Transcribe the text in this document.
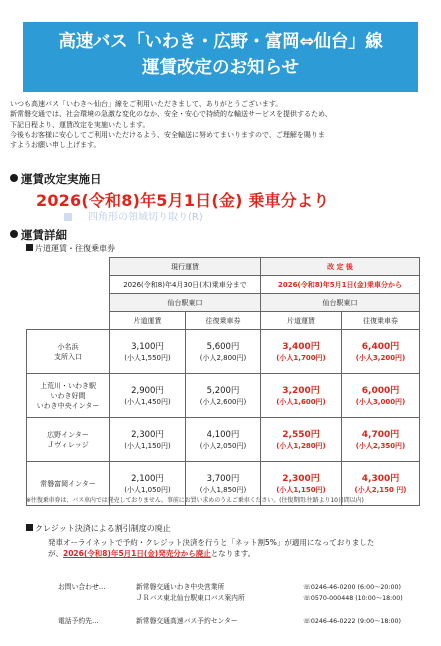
高速バス「いわき・広野・富岡⇔仙台」線
運賃改定のお知らせ

いつも高速バス「いわき～仙台」線をご利用いただきまして、ありがとうございます。

新常磐交通では、社会環境の急激な変化のなか、安全・安心で持続的な輸送サービスを提供するため、

下記日程より、運賃改定を実施いたします。

今後もお客様に安心してご利用いただけるよう、安全輸送に努めてまいりますので、ご理解を賜りま

すようお願い申し上げます。

運賃改定実施日
2026(令和8)年5月1日(金) 乗車分より
四角形の領域切り取り(R)
運賃詳細
片道運賃・往復乗車券
	現行運賃		改 定 後	
	2026(令和8)年4月30日(木)乗車分まで		2026(令和8)年5月1日(金)乗車分から	
	仙台駅東口		仙台駅東口	
	片道運賃	往復乗車券	片道運賃	往復乗車券

小名浜
支所入口	3,100円
(小人1,550円)	5,600円
(小人2,800円)	3,400円
(小人1,700円)	6,400円
(小人3,200円)

上荒川・いわき駅
いわき好間
いわき中央インター	2,900円
(小人1,450円)	5,200円
(小人2,600円)	3,200円
(小人1,600円)	6,000円
(小人3,000円)

広野インター
Ｊヴィレッジ	2,300円
(小人1,150円)	4,100円
(小人2,050円)	2,550円
(小人1,280円)	4,700円
(小人2,350円)

常磐富岡インター	2,100円
(小人1,050円)	3,700円
(小人1,850円)	2,300円
(小人1,150円)	4,300円
(小人2,150 円)
※往復乗車券は、バス車内では発売しておりません。事前にお買い求めのうえご乗車ください。(往復期間:往路より10日間以内)
クレジット決済による割引制度の廃止
発車オーライネットで予約・クレジット決済を行うと「ネット割5%」が適用になっておりました
が、2026(令和8)年5月1日(金)発売分から廃止となります。
お問い合わせ…	新常磐交通いわき中央営業所	☏0246-46-0200 (6:00～20:00)
ＪＲバス東北仙台駅東口バス案内所	☏0570-000448 (10:00～18:00)
電話予約先…	新常磐交通高速バス予約センター	☏0246-46-0222 (9:00～18:00)
